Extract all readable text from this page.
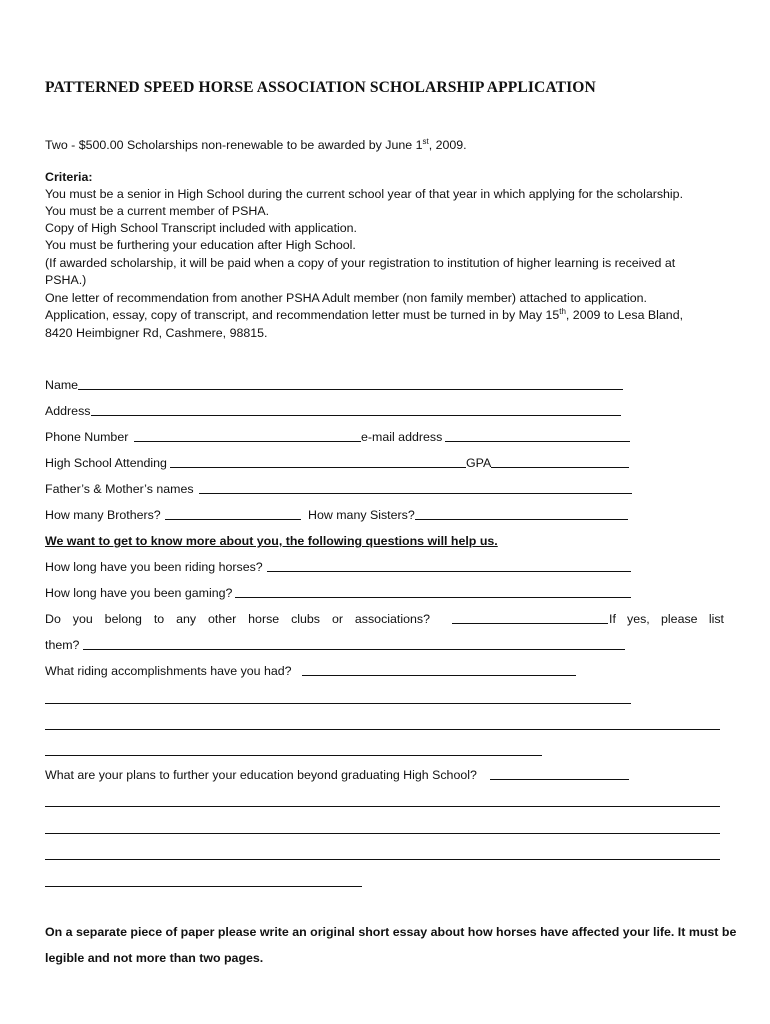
PATTERNED SPEED HORSE ASSOCIATION SCHOLARSHIP APPLICATION
Two - $500.00 Scholarships non-renewable to be awarded by June 1st, 2009.
Criteria:
You must be a senior in High School during the current school year of that year in which applying for the scholarship.
You must be a current member of PSHA.
Copy of High School Transcript included with application.
You must be furthering your education after High School.
(If awarded scholarship, it will be paid when a copy of your registration to institution of higher learning is received at
PSHA.)
One letter of recommendation from another PSHA Adult member (non family member) attached to application.
Application, essay, copy of transcript, and recommendation letter must be turned in by May 15th, 2009 to Lesa Bland,
8420 Heimbigner Rd, Cashmere, 98815.
Name
Address
Phone Number	e-mail address
High School Attending	GPA
Father’s & Mother’s names
How many Brothers?	How many Sisters?
We want to get to know more about you, the following questions will help us.
How long have you been riding horses?
How long have you been gaming?
Do you belong to any other horse clubs or associations?	If yes, please list
them?
What riding accomplishments have you had?
What are your plans to further your education beyond graduating High School?
On a separate piece of paper please write an original short essay about how horses have affected your life. It must be
legible and not more than two pages.
